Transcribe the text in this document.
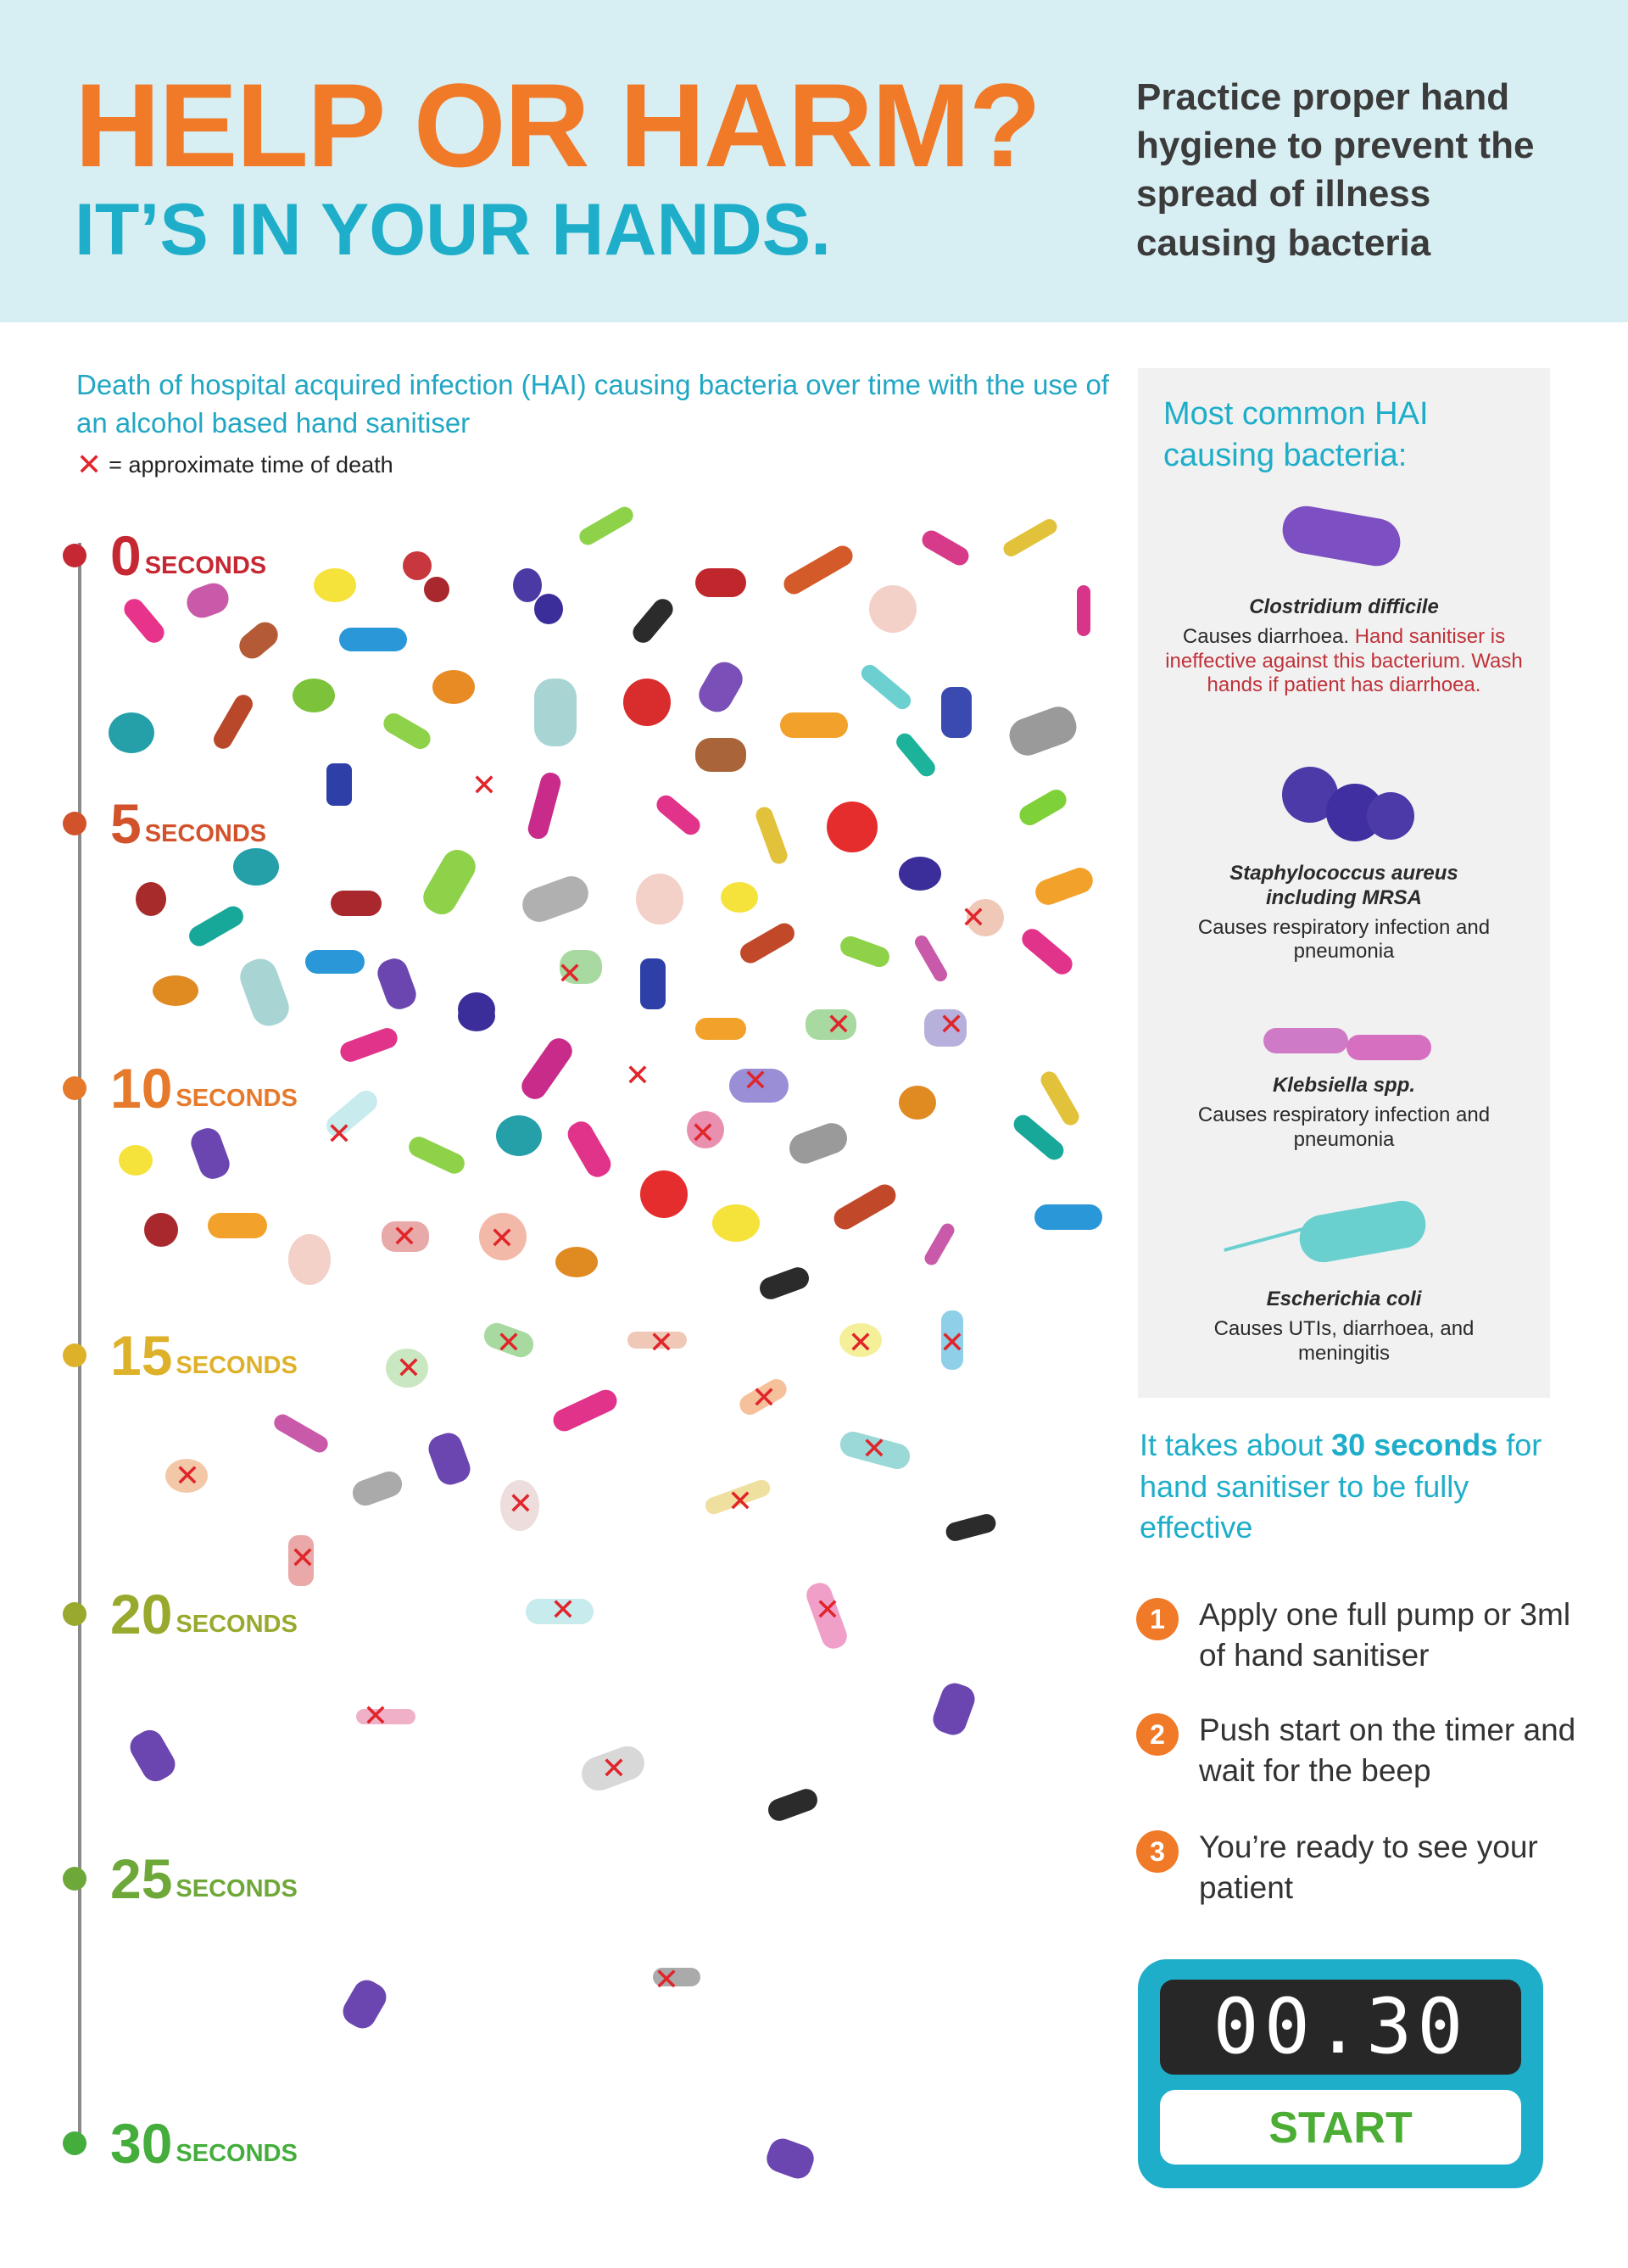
HELP OR HARM?
IT’S IN YOUR HANDS.
Practice proper hand hygiene to prevent the spread of illness causing bacteria
Death of hospital acquired infection (HAI) causing bacteria over time with the use of an alcohol based hand sanitiser
✕ = approximate time of death
0 SECONDS
5 SECONDS
10 SECONDS
15 SECONDS
20 SECONDS
25 SECONDS
30 SECONDS
✕
✕
✕
✕	✕
✕	✕
✕	✕
✕ ✕
✕
✕	✕	✕ ✕
✕
✕
✕
✕	✕
✕
✕	✕
✕
✕
✕
Most common HAI causing bacteria:
Clostridium difficile
Causes diarrhoea. Hand sanitiser is ineffective against this bacterium. Wash hands if patient has diarrhoea.
Staphylococcus aureus including MRSA
Causes respiratory infection and pneumonia
Klebsiella spp.
Causes respiratory infection and pneumonia
Escherichia coli
Causes UTIs, diarrhoea, and meningitis
It takes about 30 seconds for hand sanitiser to be fully effective
1	Apply one full pump or 3ml of hand sanitiser
2	Push start on the timer and wait for the beep
3	You’re ready to see your patient
00.30
START
